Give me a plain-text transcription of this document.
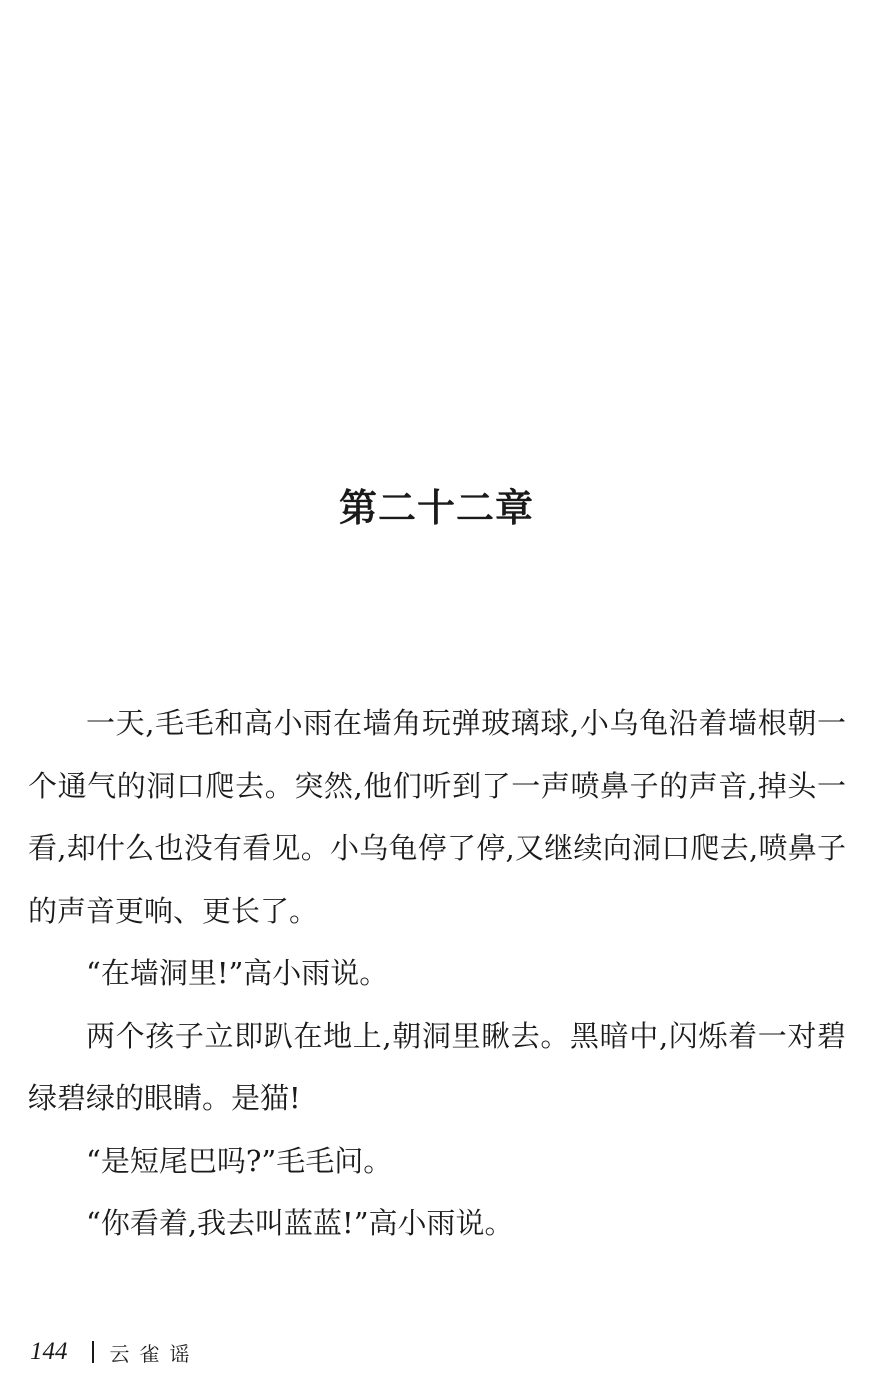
第二十二章

一天,毛毛和高小雨在墙角玩弹玻璃球,小乌龟沿着墙根朝一个通气的洞口爬去。突然,他们听到了一声喷鼻子的声音,掉头一看,却什么也没有看见。小乌龟停了停,又继续向洞口爬去,喷鼻子的声音更响、更长了。

“在墙洞里!”高小雨说。

两个孩子立即趴在地上,朝洞里瞅去。黑暗中,闪烁着一对碧绿碧绿的眼睛。是猫!

“是短尾巴吗?”毛毛问。

“你看着,我去叫蓝蓝!”高小雨说。

144 云雀谣
